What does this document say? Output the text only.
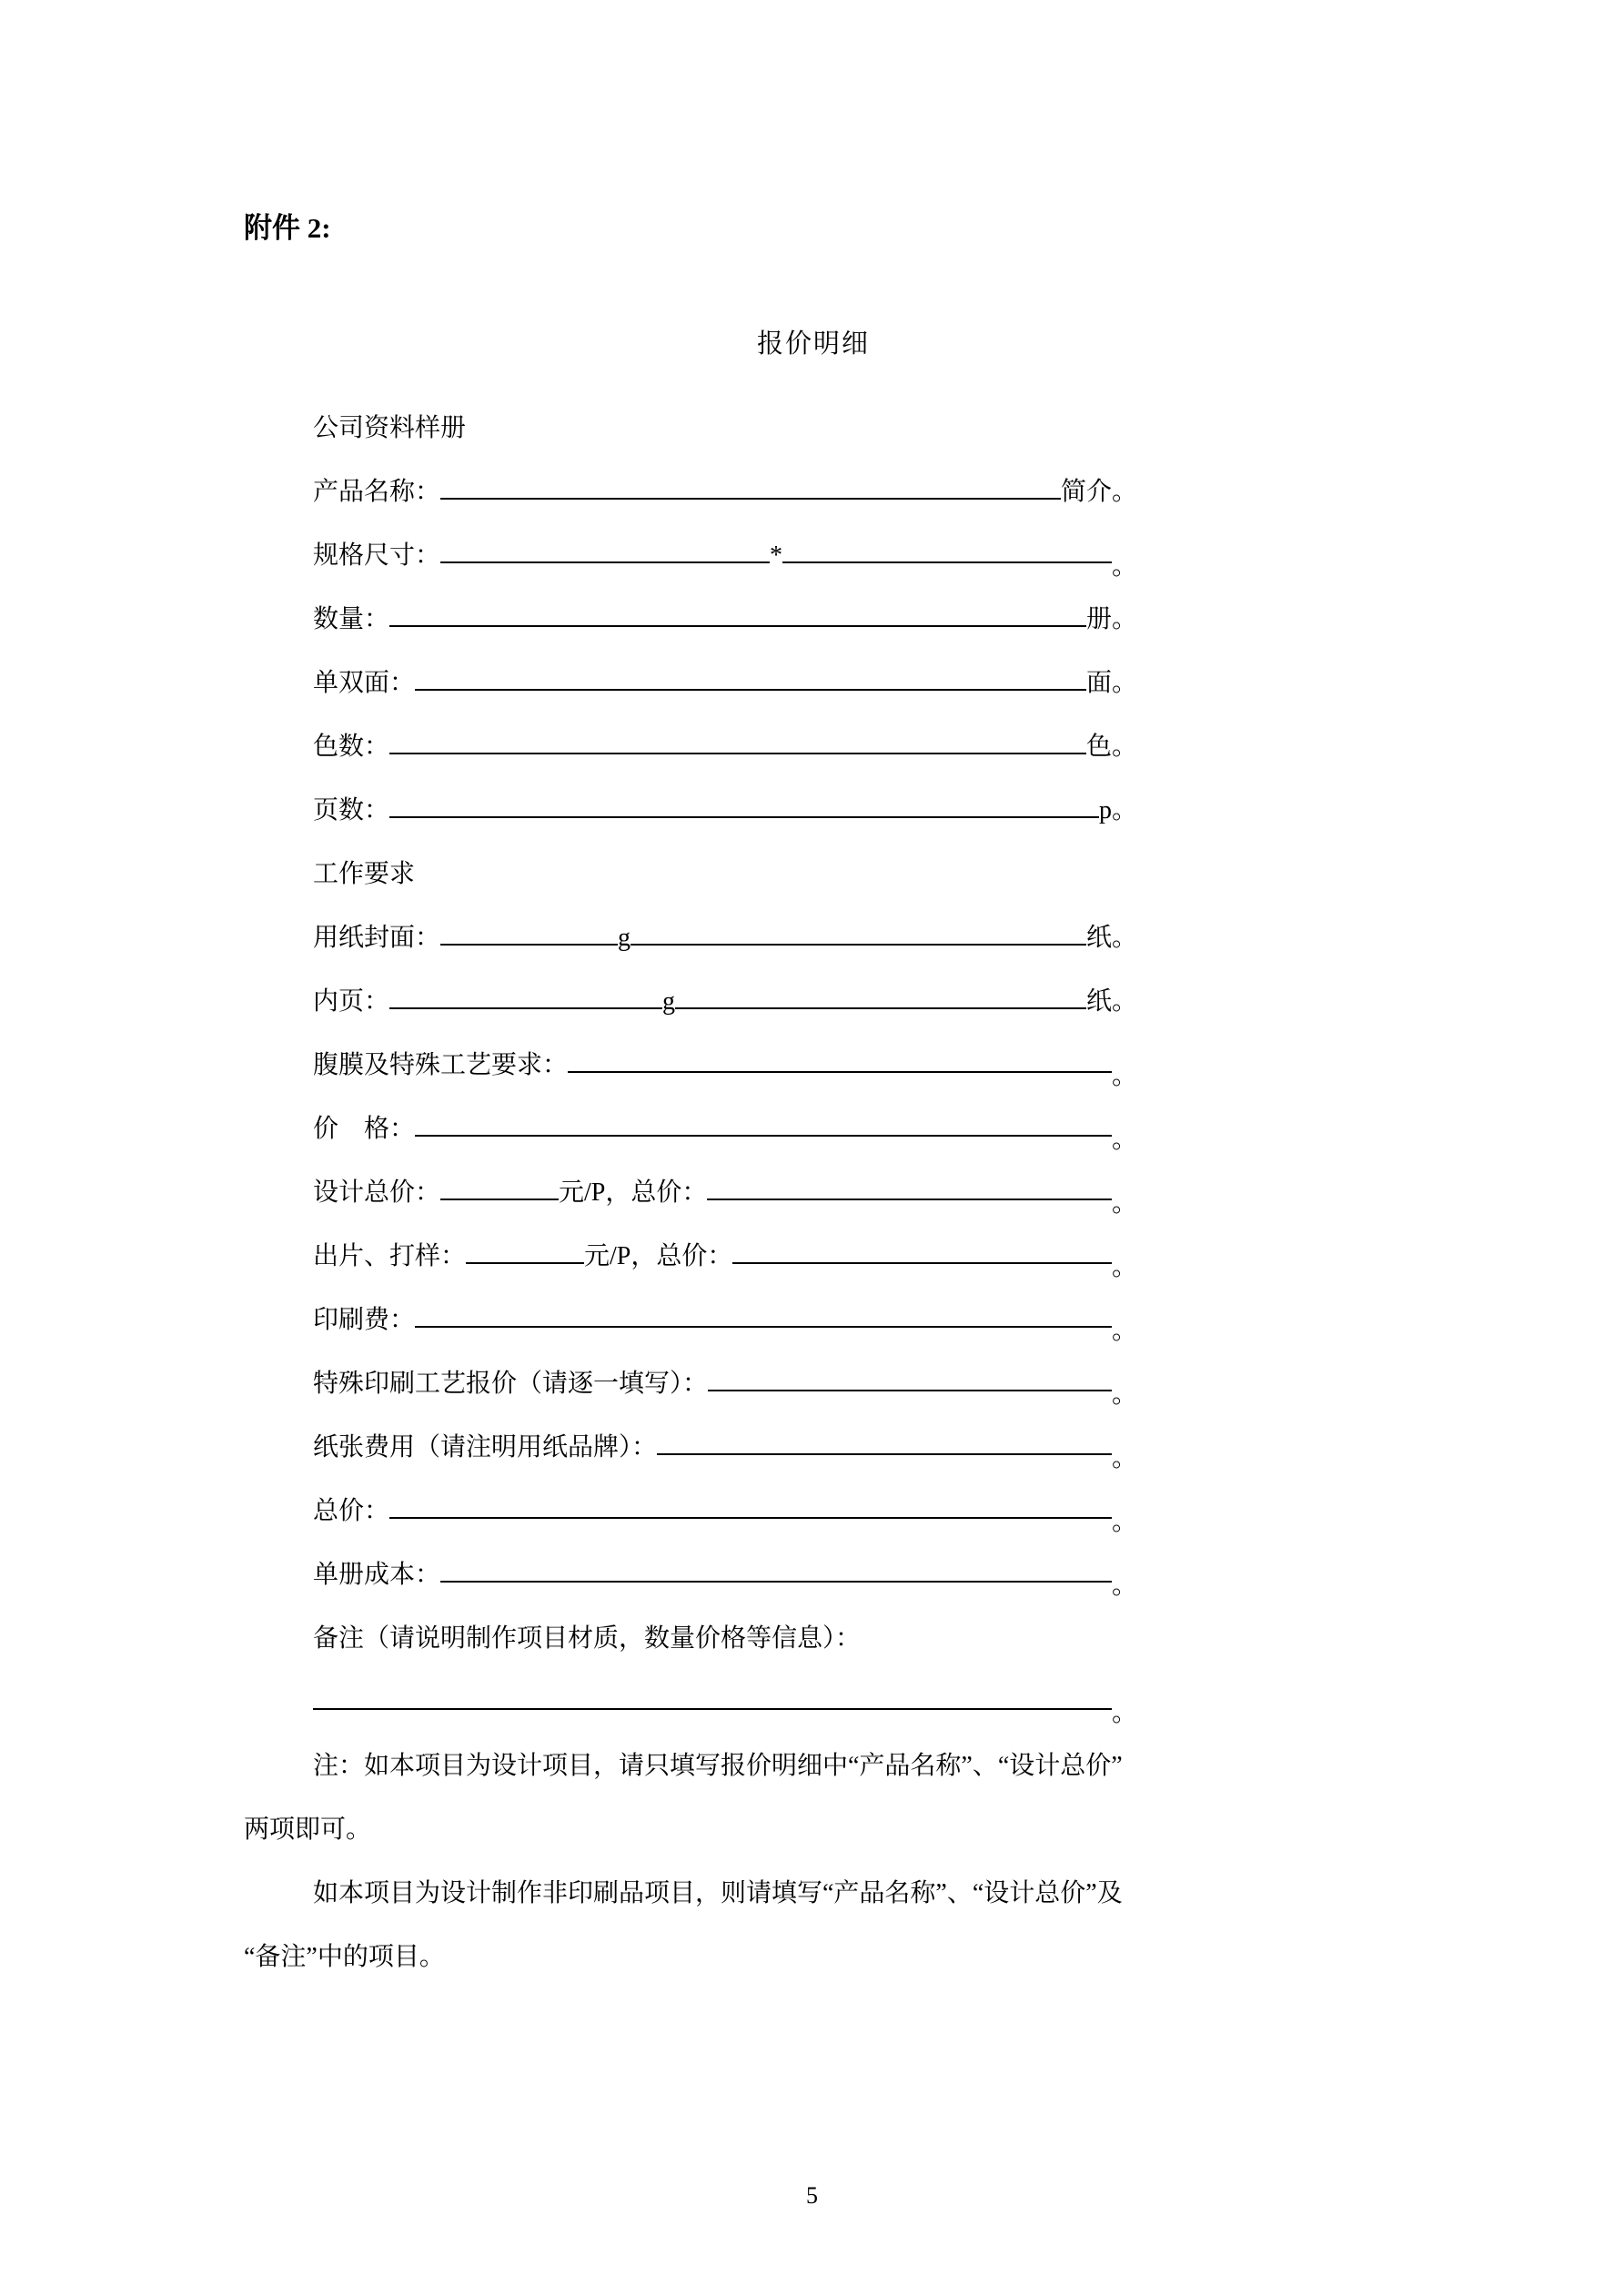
附件 2:
报价明细
公司资料样册
产品名称：	简介。
规格尺寸：	*	。
数量：	册。
单双面：	面。
色数：	色。
页数：	p。
工作要求
用纸封面：	g	纸。
内页：	g	纸。
腹膜及特殊工艺要求：	。
价　格：	。
设计总价：	元/P，总价：	。
出片、打样：	元/P，总价：	。
印刷费：	。
特殊印刷工艺报价（请逐一填写）：	。
纸张费用（请注明用纸品牌）：	。
总价：	。
单册成本：	。
备注（请说明制作项目材质，数量价格等信息）：
。
注：如本项目为设计项目，请只填写报价明细中“产品名称”、“设计总价”
两项即可。
如本项目为设计制作非印刷品项目，则请填写“产品名称”、“设计总价”及
“备注”中的项目。
5
